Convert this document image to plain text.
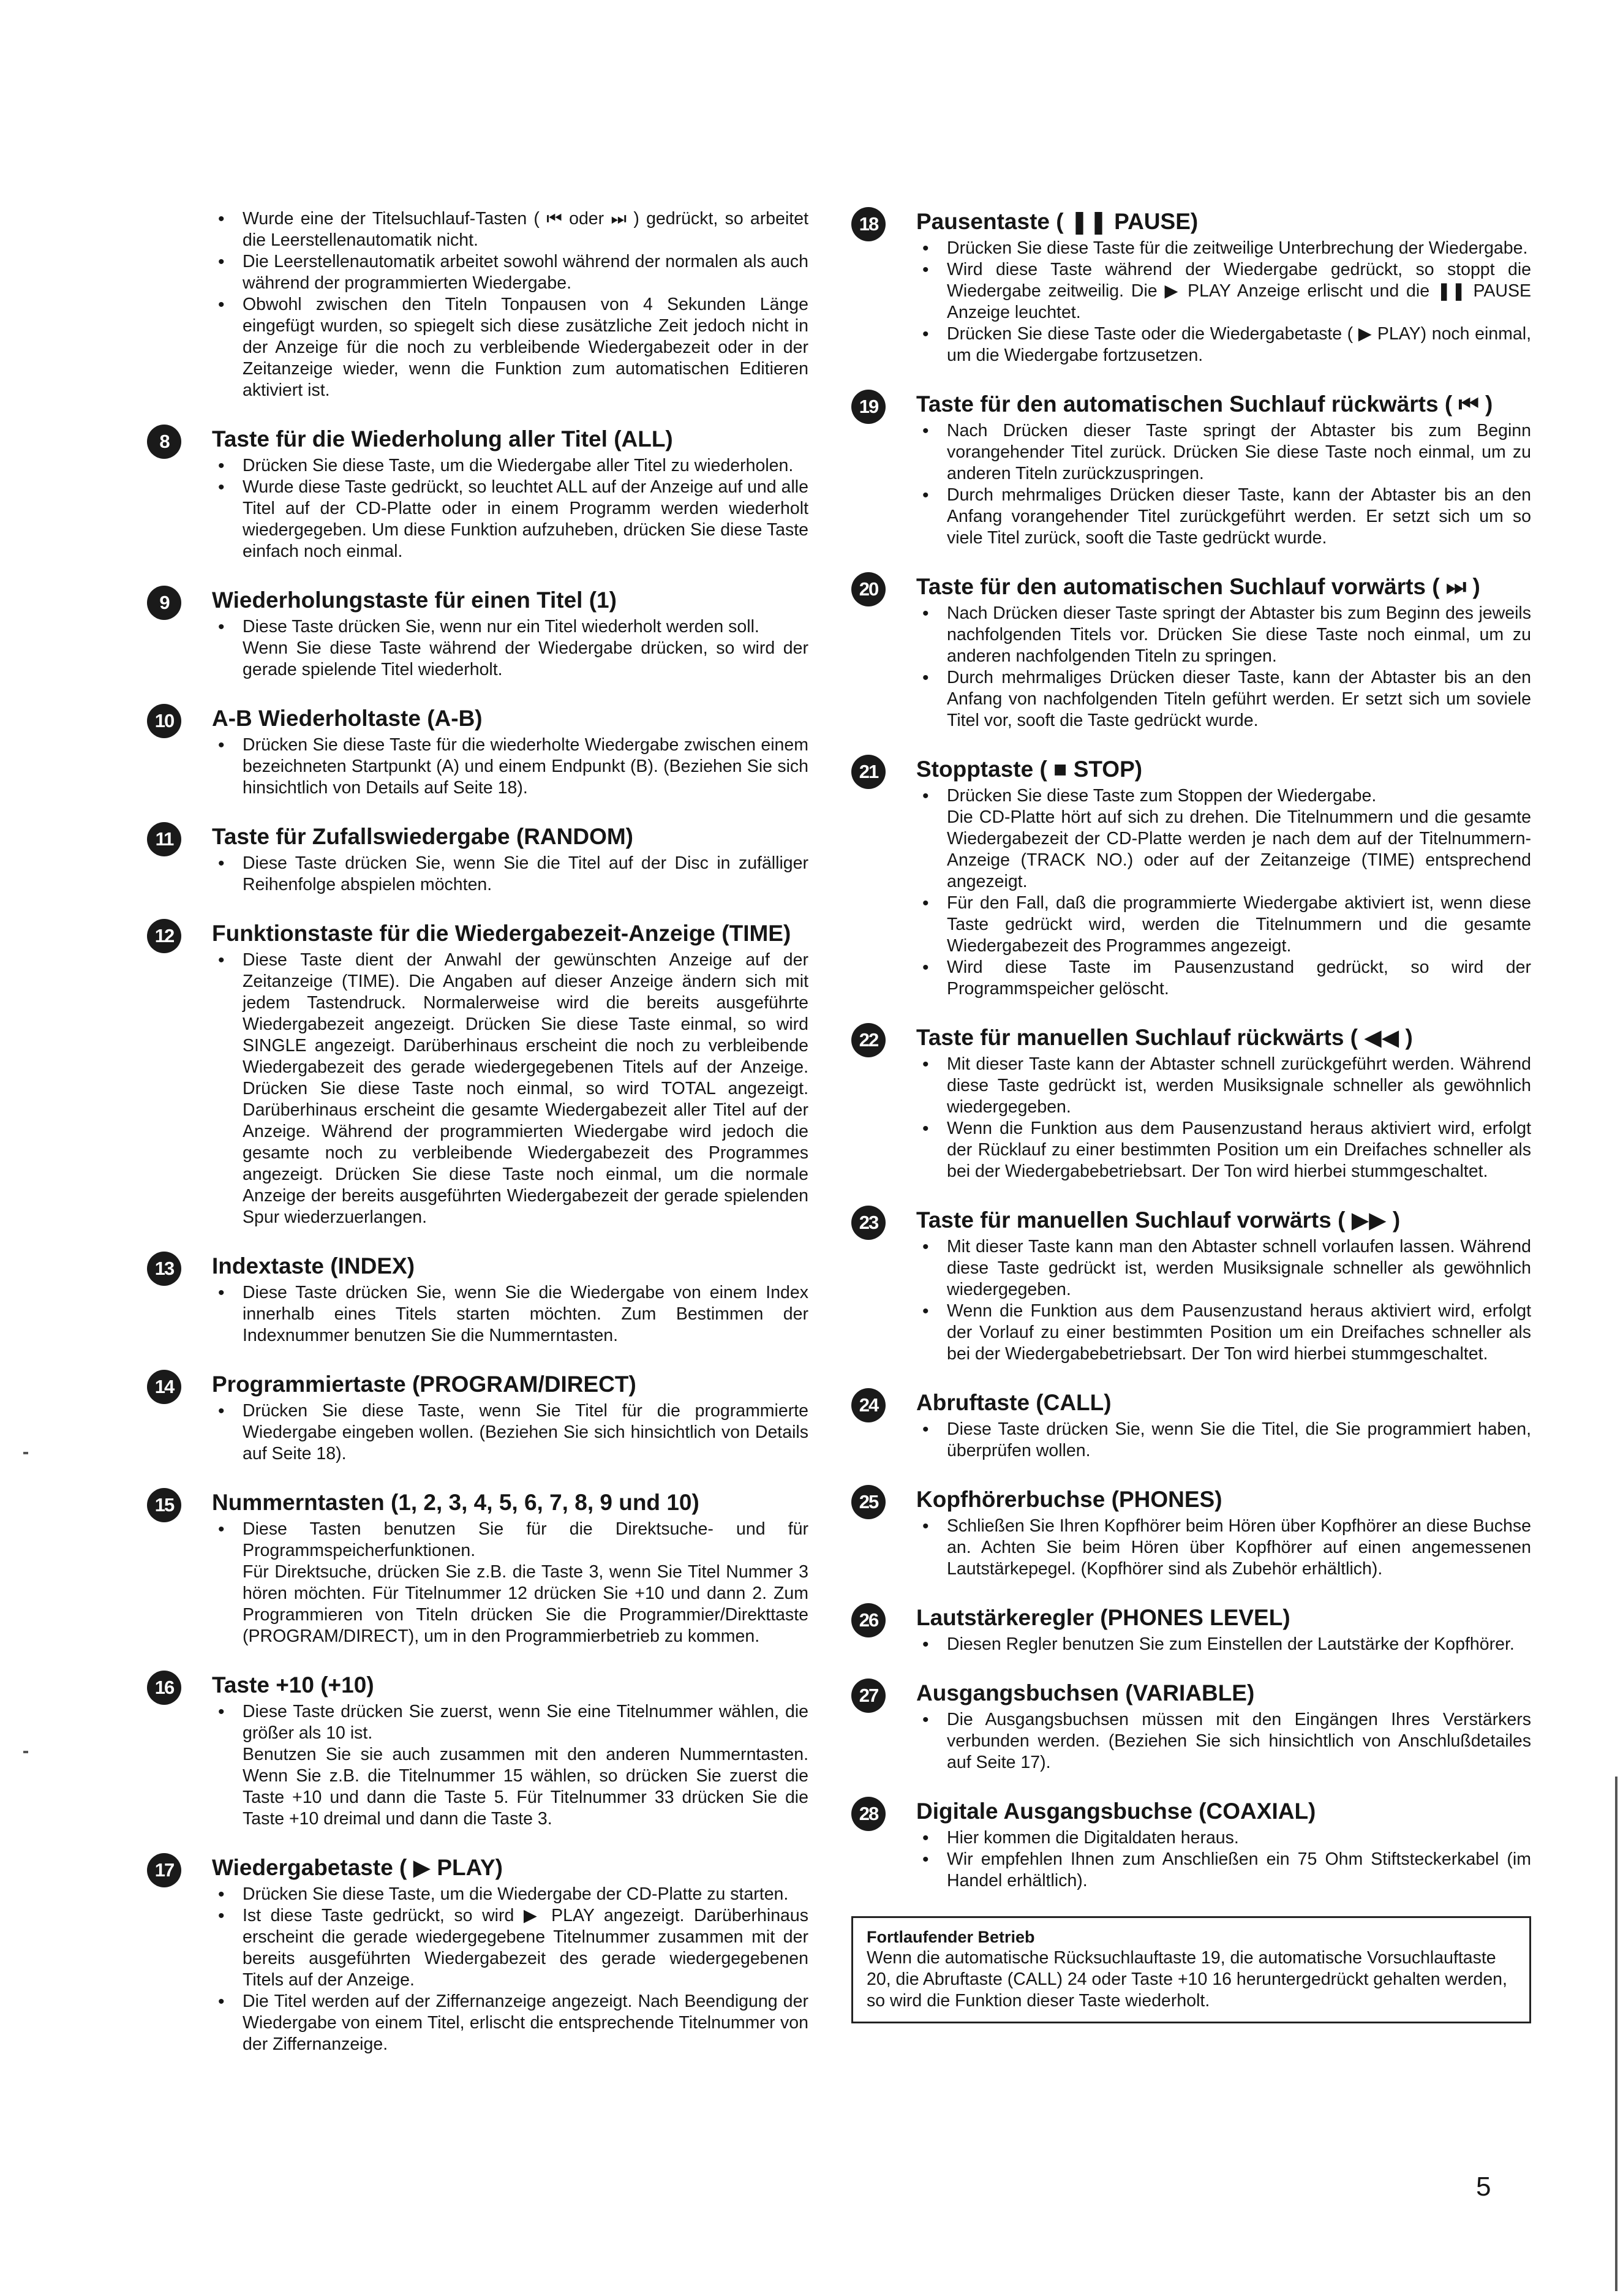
• Wurde eine der Titelsuchlauf-Tasten ( ⏮ oder ⏭ ) gedrückt, so arbeitet die Leerstellenautomatik nicht.
• Die Leerstellenautomatik arbeitet sowohl während der normalen als auch während der programmierten Wiedergabe.
• Obwohl zwischen den Titeln Tonpausen von 4 Sekunden Länge eingefügt wurden, so spiegelt sich diese zusätzliche Zeit jedoch nicht in der Anzeige für die noch zu verbleibende Wiedergabezeit oder in der Zeitanzeige wieder, wenn die Funktion zum automatischen Editieren aktiviert ist.
8	Taste für die Wiederholung aller Titel (ALL)
• Drücken Sie diese Taste, um die Wiedergabe aller Titel zu wiederholen.
• Wurde diese Taste gedrückt, so leuchtet ALL auf der Anzeige auf und alle Titel auf der CD-Platte oder in einem Programm werden wiederholt wiedergegeben. Um diese Funktion aufzuheben, drücken Sie diese Taste einfach noch einmal.
9	Wiederholungstaste für einen Titel (1)
• Diese Taste drücken Sie, wenn nur ein Titel wiederholt werden soll.
Wenn Sie diese Taste während der Wiedergabe drücken, so wird der gerade spielende Titel wiederholt.
10	A-B Wiederholtaste (A-B)
• Drücken Sie diese Taste für die wiederholte Wiedergabe zwischen einem bezeichneten Startpunkt (A) und einem Endpunkt (B). (Beziehen Sie sich hinsichtlich von Details auf Seite 18).
11	Taste für Zufallswiedergabe (RANDOM)
• Diese Taste drücken Sie, wenn Sie die Titel auf der Disc in zufälliger Reihenfolge abspielen möchten.
12	Funktionstaste für die Wiedergabezeit-Anzeige (TIME)
• Diese Taste dient der Anwahl der gewünschten Anzeige auf der Zeitanzeige (TIME). Die Angaben auf dieser Anzeige ändern sich mit jedem Tastendruck. Normalerweise wird die bereits ausgeführte Wiedergabezeit angezeigt. Drücken Sie diese Taste einmal, so wird SINGLE angezeigt. Darüberhinaus erscheint die noch zu verbleibende Wiedergabezeit des gerade wiedergegebenen Titels auf der Anzeige. Drücken Sie diese Taste noch einmal, so wird TOTAL angezeigt. Darüberhinaus erscheint die gesamte Wiedergabezeit aller Titel auf der Anzeige. Während der programmierten Wiedergabe wird jedoch die gesamte noch zu verbleibende Wiedergabezeit des Programmes angezeigt. Drücken Sie diese Taste noch einmal, um die normale Anzeige der bereits ausgeführten Wiedergabezeit der gerade spielenden Spur wiederzuerlangen.
13	Indextaste (INDEX)
• Diese Taste drücken Sie, wenn Sie die Wiedergabe von einem Index innerhalb eines Titels starten möchten. Zum Bestimmen der Indexnummer benutzen Sie die Nummerntasten.
14	Programmiertaste (PROGRAM/DIRECT)
• Drücken Sie diese Taste, wenn Sie Titel für die programmierte Wiedergabe eingeben wollen. (Beziehen Sie sich hinsichtlich von Details auf Seite 18).
15	Nummerntasten (1, 2, 3, 4, 5, 6, 7, 8, 9 und 10)
• Diese Tasten benutzen Sie für die Direktsuche- und für Programmspeicherfunktionen.
Für Direktsuche, drücken Sie z.B. die Taste 3, wenn Sie Titel Nummer 3 hören möchten. Für Titelnummer 12 drücken Sie +10 und dann 2. Zum Programmieren von Titeln drücken Sie die Programmier/Direkttaste (PROGRAM/DIRECT), um in den Programmierbetrieb zu kommen.
16	Taste +10 (+10)
• Diese Taste drücken Sie zuerst, wenn Sie eine Titelnummer wählen, die größer als 10 ist.
Benutzen Sie sie auch zusammen mit den anderen Nummerntasten. Wenn Sie z.B. die Titelnummer 15 wählen, so drücken Sie zuerst die Taste +10 und dann die Taste 5. Für Titelnummer 33 drücken Sie die Taste +10 dreimal und dann die Taste 3.
17	Wiedergabetaste ( ▶ PLAY)
• Drücken Sie diese Taste, um die Wiedergabe der CD-Platte zu starten.
• Ist diese Taste gedrückt, so wird ▶ PLAY angezeigt. Darüberhinaus erscheint die gerade wiedergegebene Titelnummer zusammen mit der bereits ausgeführten Wiedergabezeit des gerade wiedergegebenen Titels auf der Anzeige.
• Die Titel werden auf der Ziffernanzeige angezeigt. Nach Beendigung der Wiedergabe von einem Titel, erlischt die entsprechende Titelnummer von der Ziffernanzeige.
18	Pausentaste ( ❚❚ PAUSE)
• Drücken Sie diese Taste für die zeitweilige Unterbrechung der Wiedergabe.
• Wird diese Taste während der Wiedergabe gedrückt, so stoppt die Wiedergabe zeitweilig. Die ▶ PLAY Anzeige erlischt und die ❚❚ PAUSE Anzeige leuchtet.
• Drücken Sie diese Taste oder die Wiedergabetaste ( ▶ PLAY) noch einmal, um die Wiedergabe fortzusetzen.
19	Taste für den automatischen Suchlauf rückwärts ( ⏮ )
• Nach Drücken dieser Taste springt der Abtaster bis zum Beginn vorangehender Titel zurück. Drücken Sie diese Taste noch einmal, um zu anderen Titeln zurückzuspringen.
• Durch mehrmaliges Drücken dieser Taste, kann der Abtaster bis an den Anfang vorangehender Titel zurückgeführt werden. Er setzt sich um so viele Titel zurück, sooft die Taste gedrückt wurde.
20	Taste für den automatischen Suchlauf vorwärts ( ⏭ )
• Nach Drücken dieser Taste springt der Abtaster bis zum Beginn des jeweils nachfolgenden Titels vor. Drücken Sie diese Taste noch einmal, um zu anderen nachfolgenden Titeln zu springen.
• Durch mehrmaliges Drücken dieser Taste, kann der Abtaster bis an den Anfang von nachfolgenden Titeln geführt werden. Er setzt sich um soviele Titel vor, sooft die Taste gedrückt wurde.
21	Stopptaste ( ■ STOP)
• Drücken Sie diese Taste zum Stoppen der Wiedergabe.
Die CD-Platte hört auf sich zu drehen. Die Titelnummern und die gesamte Wiedergabezeit der CD-Platte werden je nach dem auf der Titelnummern-Anzeige (TRACK NO.) oder auf der Zeitanzeige (TIME) entsprechend angezeigt.
• Für den Fall, daß die programmierte Wiedergabe aktiviert ist, wenn diese Taste gedrückt wird, werden die Titelnummern und die gesamte Wiedergabezeit des Programmes angezeigt.
• Wird diese Taste im Pausenzustand gedrückt, so wird der Programmspeicher gelöscht.
22	Taste für manuellen Suchlauf rückwärts ( ◀◀ )
• Mit dieser Taste kann der Abtaster schnell zurückgeführt werden. Während diese Taste gedrückt ist, werden Musiksignale schneller als gewöhnlich wiedergegeben.
• Wenn die Funktion aus dem Pausenzustand heraus aktiviert wird, erfolgt der Rücklauf zu einer bestimmten Position um ein Dreifaches schneller als bei der Wiedergabebetriebsart. Der Ton wird hierbei stummgeschaltet.
23	Taste für manuellen Suchlauf vorwärts ( ▶▶ )
• Mit dieser Taste kann man den Abtaster schnell vorlaufen lassen. Während diese Taste gedrückt ist, werden Musiksignale schneller als gewöhnlich wiedergegeben.
• Wenn die Funktion aus dem Pausenzustand heraus aktiviert wird, erfolgt der Vorlauf zu einer bestimmten Position um ein Dreifaches schneller als bei der Wiedergabebetriebsart. Der Ton wird hierbei stummgeschaltet.
24	Abruftaste (CALL)
• Diese Taste drücken Sie, wenn Sie die Titel, die Sie programmiert haben, überprüfen wollen.
25	Kopfhörerbuchse (PHONES)
• Schließen Sie Ihren Kopfhörer beim Hören über Kopfhörer an diese Buchse an. Achten Sie beim Hören über Kopfhörer auf einen angemessenen Lautstärkepegel. (Kopfhörer sind als Zubehör erhältlich).
26	Lautstärkeregler (PHONES LEVEL)
• Diesen Regler benutzen Sie zum Einstellen der Lautstärke der Kopfhörer.
27	Ausgangsbuchsen (VARIABLE)
• Die Ausgangsbuchsen müssen mit den Eingängen Ihres Verstärkers verbunden werden. (Beziehen Sie sich hinsichtlich von Anschlußdetailes auf Seite 17).
28	Digitale Ausgangsbuchse (COAXIAL)
• Hier kommen die Digitaldaten heraus.
• Wir empfehlen Ihnen zum Anschließen ein 75 Ohm Stiftsteckerkabel (im Handel erhältlich).
Fortlaufender Betrieb
Wenn die automatische Rücksuchlauftaste 19, die automatische Vorsuchlauftaste 20, die Abruftaste (CALL) 24 oder Taste +10 16 heruntergedrückt gehalten werden, so wird die Funktion dieser Taste wiederholt.
5
